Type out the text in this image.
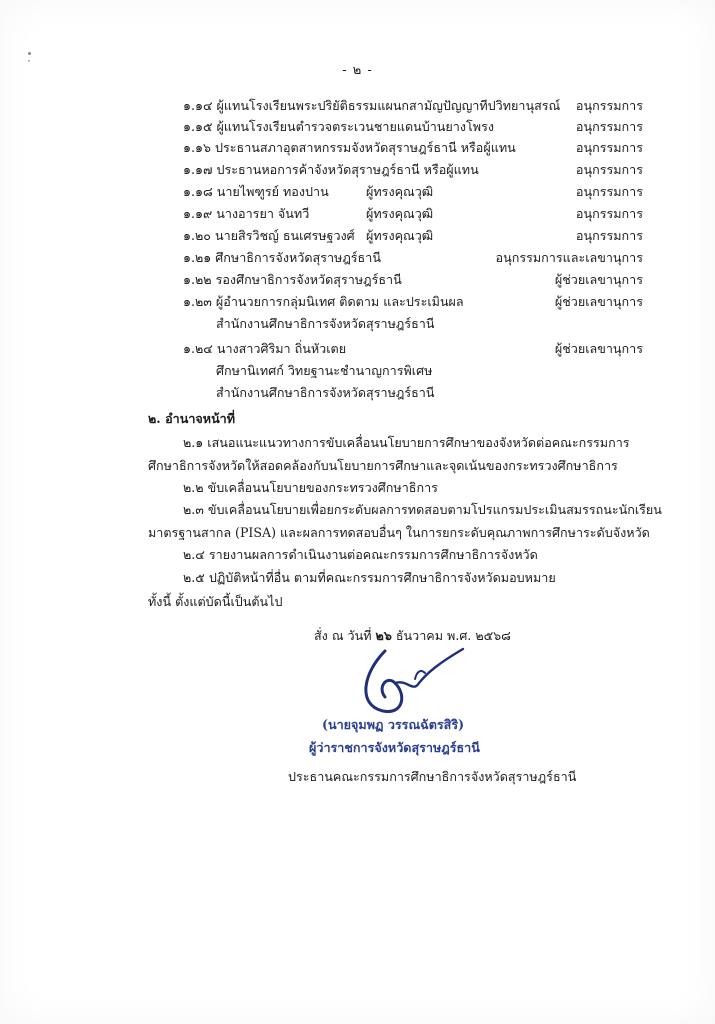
- ๒ -
๑.๑๔ ผู้แทนโรงเรียนพระปริยัติธรรมแผนกสามัญปัญญาทีปวิทยานุสรณ์ อนุกรรมการ
๑.๑๕ ผู้แทนโรงเรียนตำรวจตระเวนชายแดนบ้านยางโพรง	อนุกรรมการ
๑.๑๖ ประธานสภาอุตสาหกรรมจังหวัดสุราษฎร์ธานี หรือผู้แทน	อนุกรรมการ
๑.๑๗ ประธานหอการค้าจังหวัดสุราษฎร์ธานี หรือผู้แทน	อนุกรรมการ
๑.๑๘ นายไพฑูรย์ ทองปาน	ผู้ทรงคุณวุฒิ	อนุกรรมการ
๑.๑๙ นางอารยา จันทวี	ผู้ทรงคุณวุฒิ	อนุกรรมการ
๑.๒๐ นายสิรวิชญ์ ธนเศรษฐวงศ์ ผู้ทรงคุณวุฒิ	อนุกรรมการ
๑.๒๑ ศึกษาธิการจังหวัดสุราษฎร์ธานี	อนุกรรมการและเลขานุการ
๑.๒๒ รองศึกษาธิการจังหวัดสุราษฎร์ธานี	ผู้ช่วยเลขานุการ
๑.๒๓ ผู้อำนวยการกลุ่มนิเทศ ติดตาม และประเมินผล	ผู้ช่วยเลขานุการ
สำนักงานศึกษาธิการจังหวัดสุราษฎร์ธานี
๑.๒๔ นางสาวศิริมา ถิ่นหัวเตย	ผู้ช่วยเลขานุการ
ศึกษานิเทศก์ วิทยฐานะชำนาญการพิเศษ
สำนักงานศึกษาธิการจังหวัดสุราษฎร์ธานี
๒. อำนาจหน้าที่
๒.๑ เสนอแนะแนวทางการขับเคลื่อนนโยบายการศึกษาของจังหวัดต่อคณะกรรมการ
ศึกษาธิการจังหวัดให้สอดคล้องกับนโยบายการศึกษาและจุดเน้นของกระทรวงศึกษาธิการ
๒.๒ ขับเคลื่อนนโยบายของกระทรวงศึกษาธิการ
๒.๓ ขับเคลื่อนนโยบายเพื่อยกระดับผลการทดสอบตามโปรแกรมประเมินสมรรถนะนักเรียน
มาตรฐานสากล (PISA) และผลการทดสอบอื่นๆ ในการยกระดับคุณภาพการศึกษาระดับจังหวัด
๒.๔ รายงานผลการดำเนินงานต่อคณะกรรมการศึกษาธิการจังหวัด
๒.๕ ปฏิบัติหน้าที่อื่น ตามที่คณะกรรมการศึกษาธิการจังหวัดมอบหมาย
ทั้งนี้ ตั้งแต่บัดนี้เป็นต้นไป
สั่ง ณ วันที่ ๒๖ ธันวาคม พ.ศ. ๒๕๖๘
(นายจุมพฏ วรรณฉัตรสิริ)
ผู้ว่าราชการจังหวัดสุราษฎร์ธานี
ประธานคณะกรรมการศึกษาธิการจังหวัดสุราษฎร์ธานี
